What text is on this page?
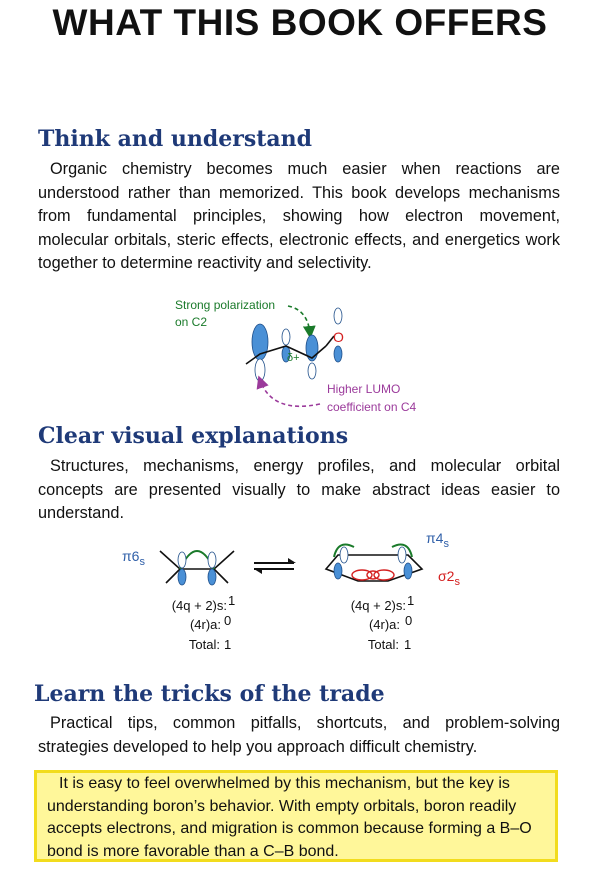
WHAT THIS BOOK OFFERS
Think and understand
Organic chemistry becomes much easier when reactions are understood rather than memorized. This book develops mechanisms from fundamental principles, showing how electron movement, molecular orbitals, steric effects, electronic effects, and energetics work together to determine reactivity and selectivity.
Strong polarization
on C2
O
δ+
Higher LUMO
coefficient on C4
Clear visual explanations
Structures, mechanisms, energy profiles, and molecular orbital concepts are presented visually to make abstract ideas easier to understand.
$\pi 6_s$
$\pi 4_s$
$\sigma 2_s$
(4q + 2)s: 1
(4r)a: 0
Total: 1
(4q + 2)s: 1
(4r)a: 0
Total: 1
Learn the tricks of the trade
Practical tips, common pitfalls, shortcuts, and problem-solving strategies developed to help you approach difficult chemistry.
It is easy to feel overwhelmed by this mechanism, but the key is understanding boron’s behavior. With empty orbitals, boron readily accepts electrons, and migration is common because forming a B–O bond is more favorable than a C–B bond.
